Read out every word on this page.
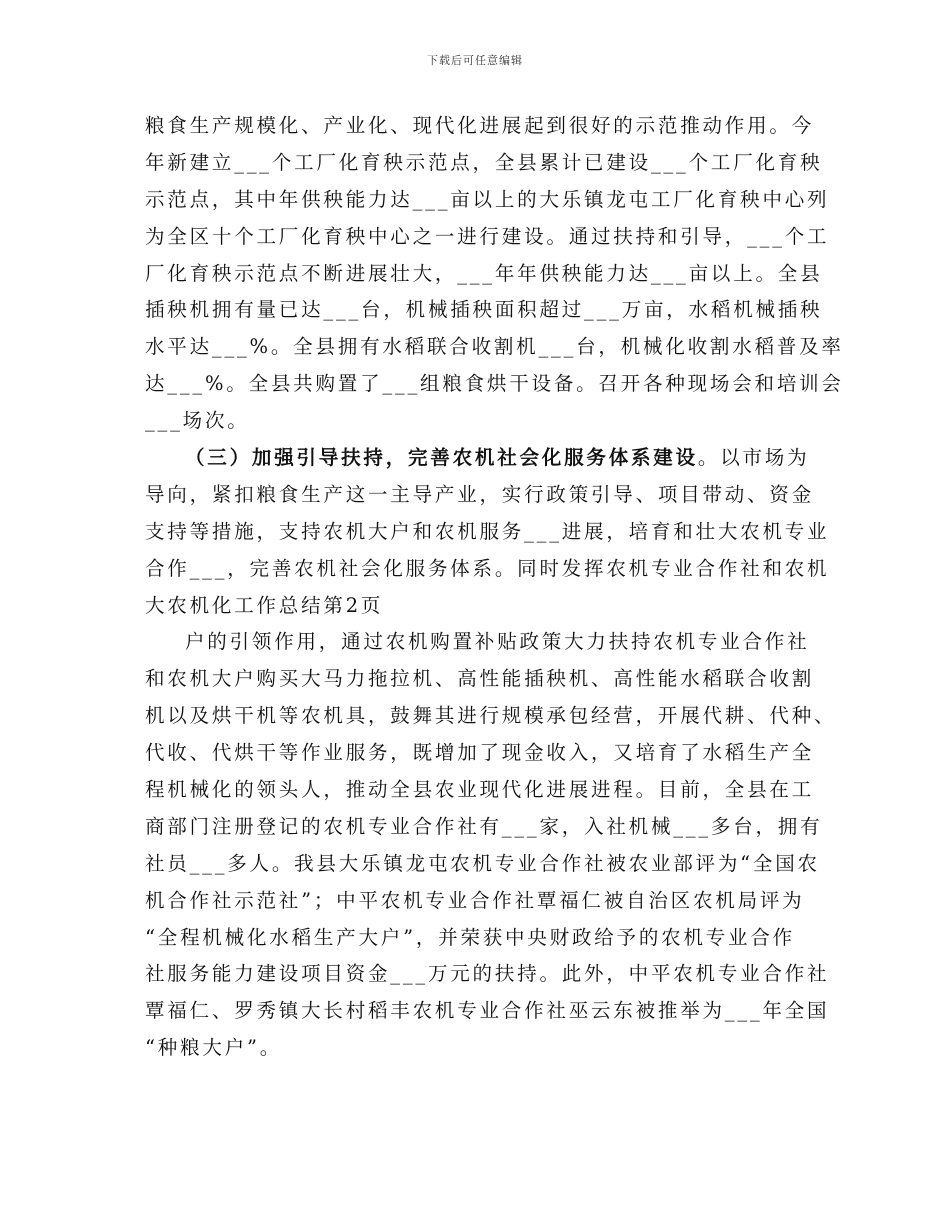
下载后可任意编辑
粮食生产规模化、产业化、现代化进展起到很好的示范推动作用。今
年新建立___个工厂化育秧示范点，全县累计已建设___个工厂化育秧
示范点，其中年供秧能力达___亩以上的大乐镇龙屯工厂化育秧中心列
为全区十个工厂化育秧中心之一进行建设。通过扶持和引导，___个工
厂化育秧示范点不断进展壮大，___年年供秧能力达___亩以上。全县
插秧机拥有量已达___台，机械插秧面积超过___万亩，水稻机械插秧
水平达___%。全县拥有水稻联合收割机___台，机械化收割水稻普及率
达___%。全县共购置了___组粮食烘干设备。召开各种现场会和培训会
___场次。
（三）加强引导扶持，完善农机社会化服务体系建设。以市场为
导向，紧扣粮食生产这一主导产业，实行政策引导、项目带动、资金
支持等措施，支持农机大户和农机服务___进展，培育和壮大农机专业
合作___，完善农机社会化服务体系。同时发挥农机专业合作社和农机
大农机化工作总结第2页
户的引领作用，通过农机购置补贴政策大力扶持农机专业合作社
和农机大户购买大马力拖拉机、高性能插秧机、高性能水稻联合收割
机以及烘干机等农机具，鼓舞其进行规模承包经营，开展代耕、代种、
代收、代烘干等作业服务，既增加了现金收入，又培育了水稻生产全
程机械化的领头人，推动全县农业现代化进展进程。目前，全县在工
商部门注册登记的农机专业合作社有___家，入社机械___多台，拥有
社员___多人。我县大乐镇龙屯农机专业合作社被农业部评为“全国农
机合作社示范社”；中平农机专业合作社覃福仁被自治区农机局评为
“全程机械化水稻生产大户”，并荣获中央财政给予的农机专业合作
社服务能力建设项目资金___万元的扶持。此外，中平农机专业合作社
覃福仁、罗秀镇大长村稻丰农机专业合作社巫云东被推举为___年全国
“种粮大户”。
